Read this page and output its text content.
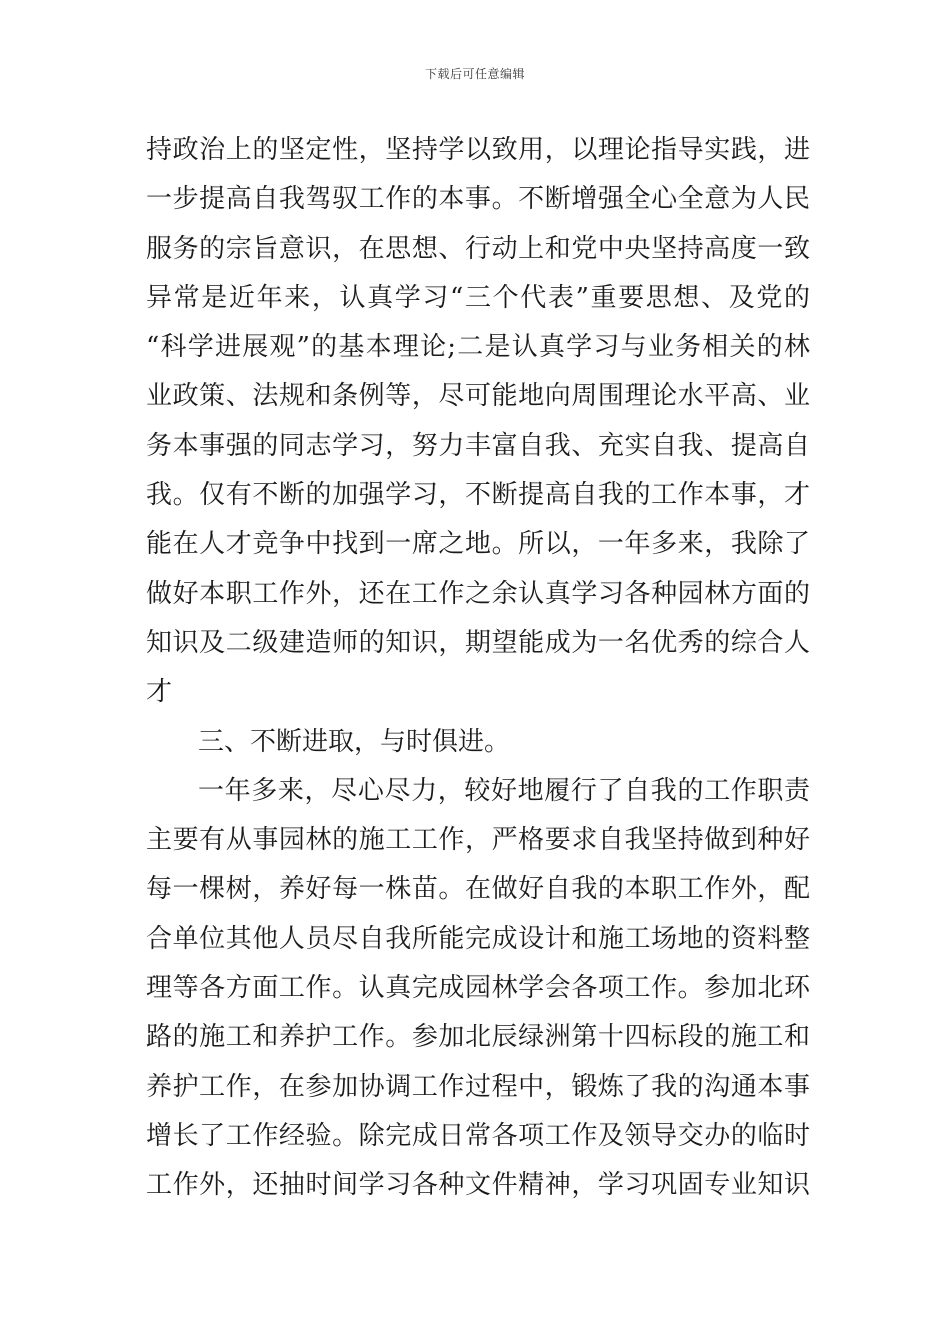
下载后可任意编辑
持政治上的坚定性，坚持学以致用，以理论指导实践，进
一步提高自我驾驭工作的本事。不断增强全心全意为人民
服务的宗旨意识，在思想、行动上和党中央坚持高度一致
异常是近年来，认真学习“三个代表”重要思想、及党的
“科学进展观”的基本理论;二是认真学习与业务相关的林
业政策、法规和条例等，尽可能地向周围理论水平高、业
务本事强的同志学习，努力丰富自我、充实自我、提高自
我。仅有不断的加强学习，不断提高自我的工作本事，才
能在人才竞争中找到一席之地。所以，一年多来，我除了
做好本职工作外，还在工作之余认真学习各种园林方面的
知识及二级建造师的知识，期望能成为一名优秀的综合人
才
三、不断进取，与时俱进。
一年多来，尽心尽力，较好地履行了自我的工作职责
主要有从事园林的施工工作，严格要求自我坚持做到种好
每一棵树，养好每一株苗。在做好自我的本职工作外，配
合单位其他人员尽自我所能完成设计和施工场地的资料整
理等各方面工作。认真完成园林学会各项工作。参加北环
路的施工和养护工作。参加北辰绿洲第十四标段的施工和
养护工作，在参加协调工作过程中，锻炼了我的沟通本事
增长了工作经验。除完成日常各项工作及领导交办的临时
工作外，还抽时间学习各种文件精神，学习巩固专业知识
